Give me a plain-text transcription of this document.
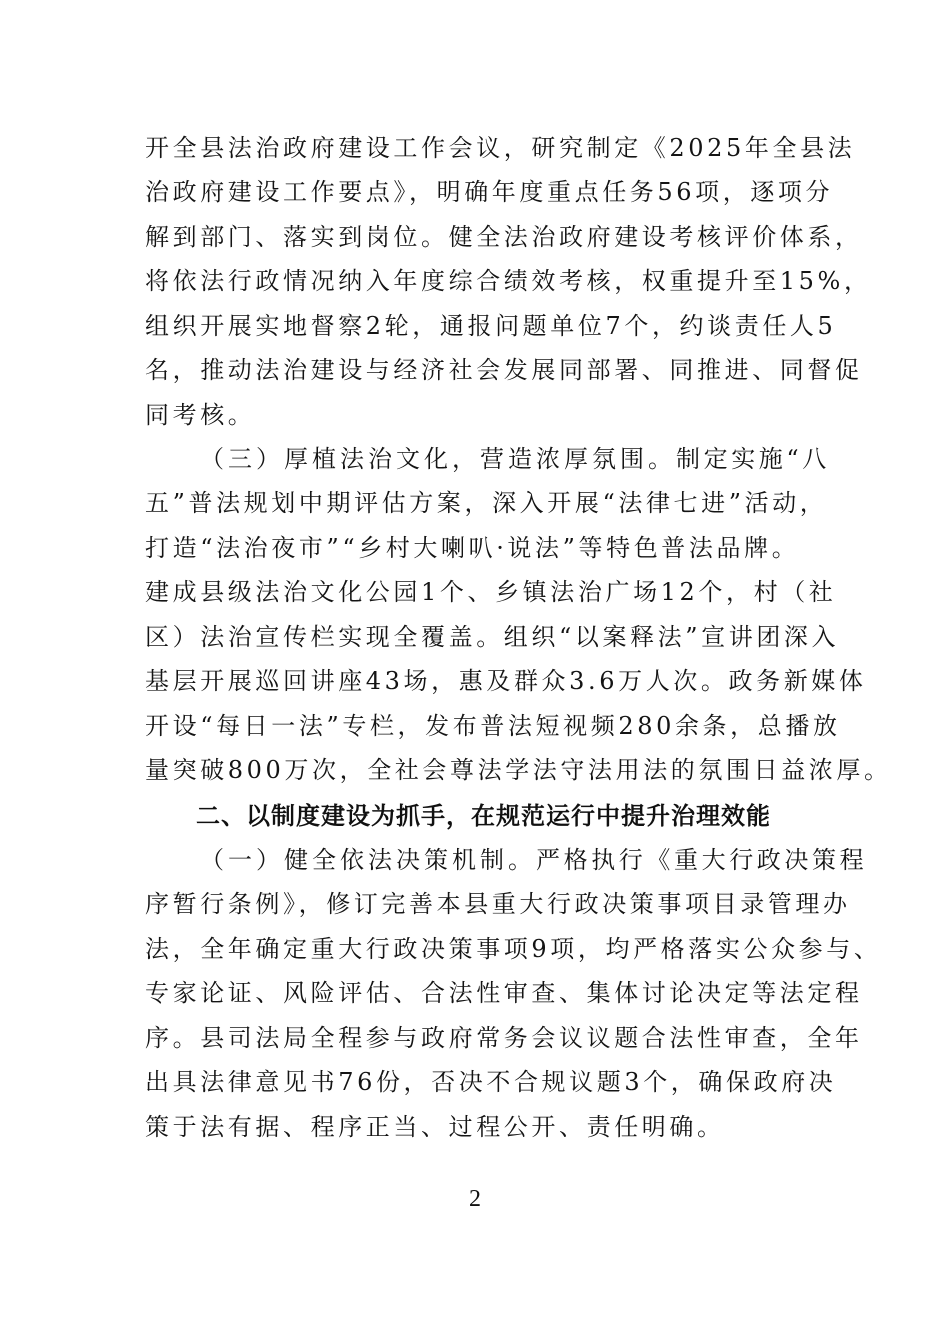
开全县法治政府建设工作会议，研究制定《2025年全县法
治政府建设工作要点》，明确年度重点任务56项，逐项分
解到部门、落实到岗位。健全法治政府建设考核评价体系，
将依法行政情况纳入年度综合绩效考核，权重提升至15%，
组织开展实地督察2轮，通报问题单位7个，约谈责任人5
名，推动法治建设与经济社会发展同部署、同推进、同督促
同考核。
（三）厚植法治文化，营造浓厚氛围。制定实施“八
五”普法规划中期评估方案，深入开展“法律七进”活动，
打造“法治夜市”“乡村大喇叭·说法”等特色普法品牌。
建成县级法治文化公园1个、乡镇法治广场12个，村（社
区）法治宣传栏实现全覆盖。组织“以案释法”宣讲团深入
基层开展巡回讲座43场，惠及群众3.6万人次。政务新媒体
开设“每日一法”专栏，发布普法短视频280余条，总播放
量突破800万次，全社会尊法学法守法用法的氛围日益浓厚。
二、以制度建设为抓手，在规范运行中提升治理效能
（一）健全依法决策机制。严格执行《重大行政决策程
序暂行条例》，修订完善本县重大行政决策事项目录管理办
法，全年确定重大行政决策事项9项，均严格落实公众参与、
专家论证、风险评估、合法性审查、集体讨论决定等法定程
序。县司法局全程参与政府常务会议议题合法性审查，全年
出具法律意见书76份，否决不合规议题3个，确保政府决
策于法有据、程序正当、过程公开、责任明确。
2
